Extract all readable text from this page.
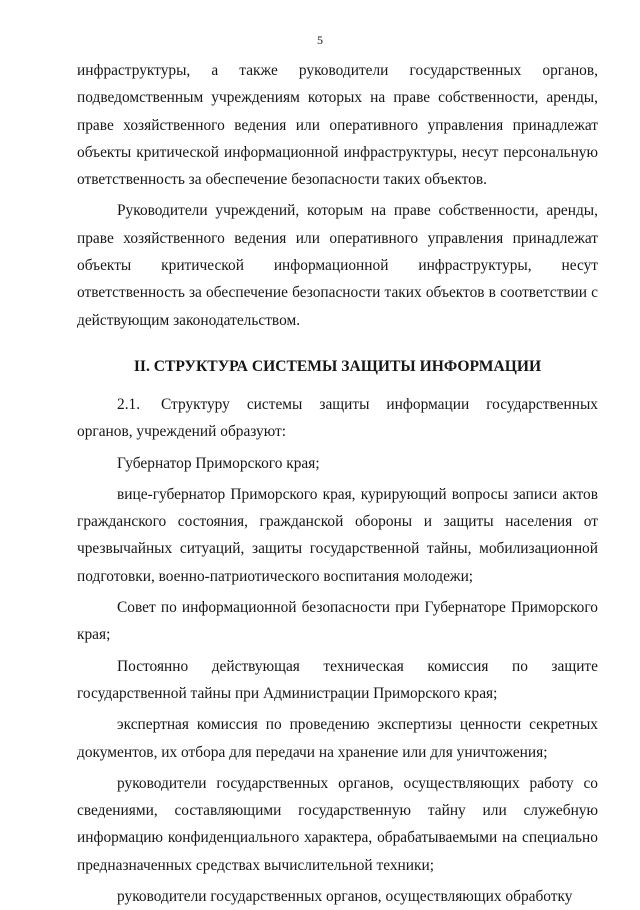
5

инфраструктуры, а также руководители государственных органов, подведомственным учреждениям которых на праве собственности, аренды, праве хозяйственного ведения или оперативного управления принадлежат объекты критической информационной инфраструктуры, несут персональную ответственность за обеспечение безопасности таких объектов.

Руководители учреждений, которым на праве собственности, аренды, праве хозяйственного ведения или оперативного управления принадлежат объекты критической информационной инфраструктуры, несут ответственность за обеспечение безопасности таких объектов в соответствии с действующим законодательством.

II. СТРУКТУРА СИСТЕМЫ ЗАЩИТЫ ИНФОРМАЦИИ

2.1. Структуру системы защиты информации государственных органов, учреждений образуют:

Губернатор Приморского края;

вице-губернатор Приморского края, курирующий вопросы записи актов гражданского состояния, гражданской обороны и защиты населения от чрезвычайных ситуаций, защиты государственной тайны, мобилизационной подготовки, военно-патриотического воспитания молодежи;

Совет по информационной безопасности при Губернаторе Приморского края;

Постоянно действующая техническая комиссия по защите государственной тайны при Администрации Приморского края;

экспертная комиссия по проведению экспертизы ценности секретных документов, их отбора для передачи на хранение или для уничтожения;

руководители государственных органов, осуществляющих работу со сведениями, составляющими государственную тайну или служебную информацию конфиденциального характера, обрабатываемыми на специально предназначенных средствах вычислительной техники;

руководители государственных органов, осуществляющих обработку
